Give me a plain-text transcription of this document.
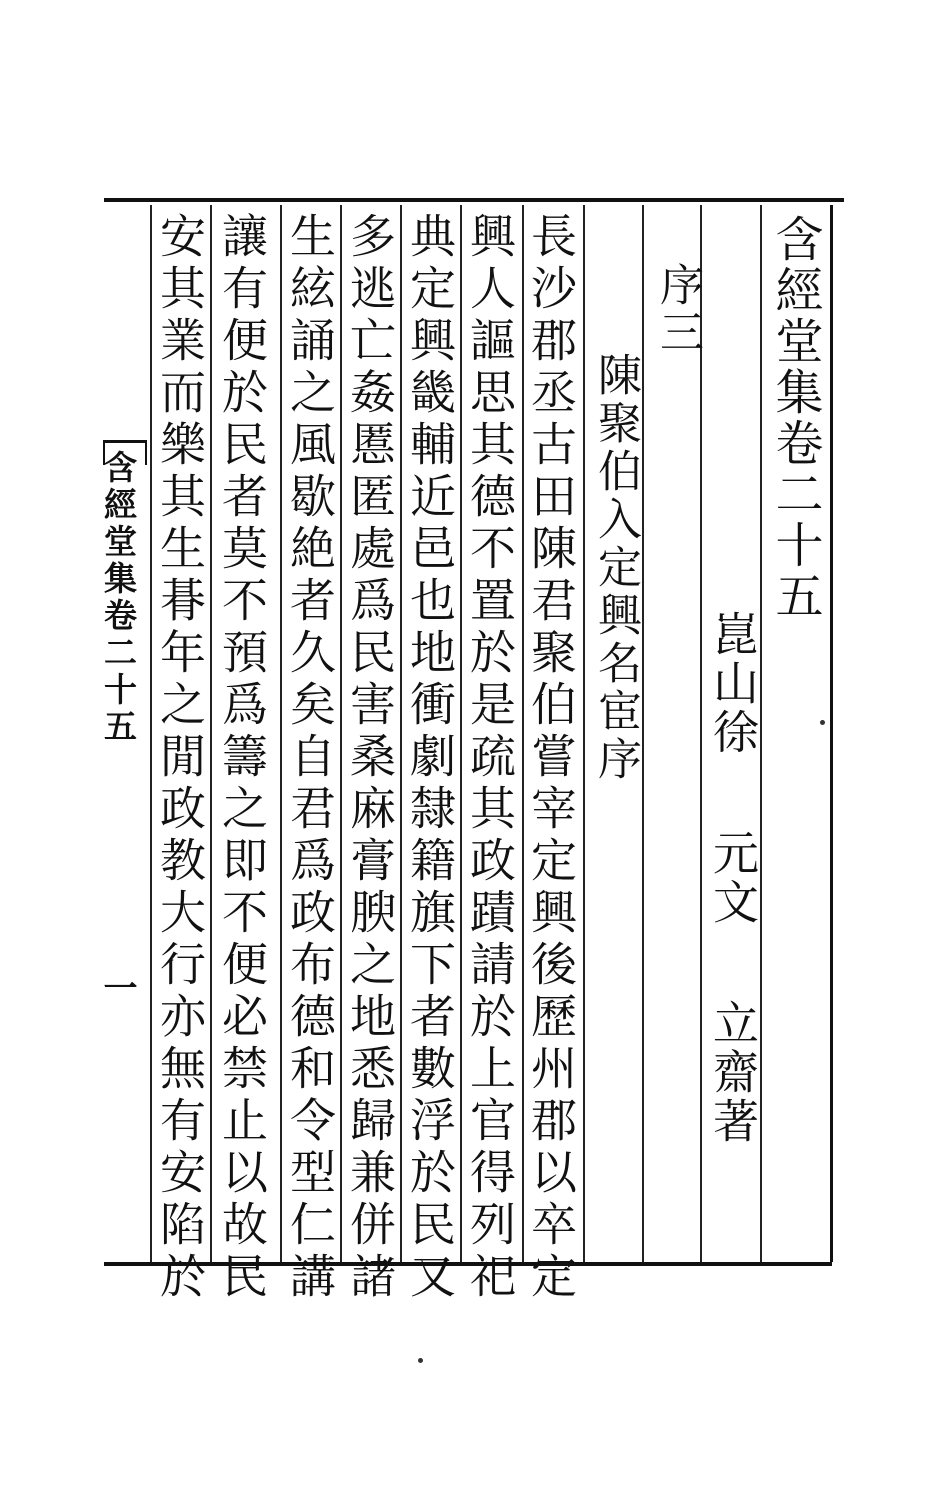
含經堂集卷二十五
崑山徐元文立齋著
序三
陳聚伯入定興名宦序
長沙郡丞古田陳君聚伯嘗宰定興後歷州郡以卒定
興人謳思其德不置於是疏其政蹟請於上官得列祀
典定興畿輔近邑也地衝劇隸籍旗下者數浮於民又
多逃亡姦慝匿處爲民害桑麻膏腴之地悉歸兼併諸
生絃誦之風歇絶者久矣自君爲政布德和令型仁講
讓有便於民者莫不預爲籌之即不便必禁止以故民
安其業而樂其生朞年之閒政教大行亦無有安陷於
含經堂集卷二十五
一
